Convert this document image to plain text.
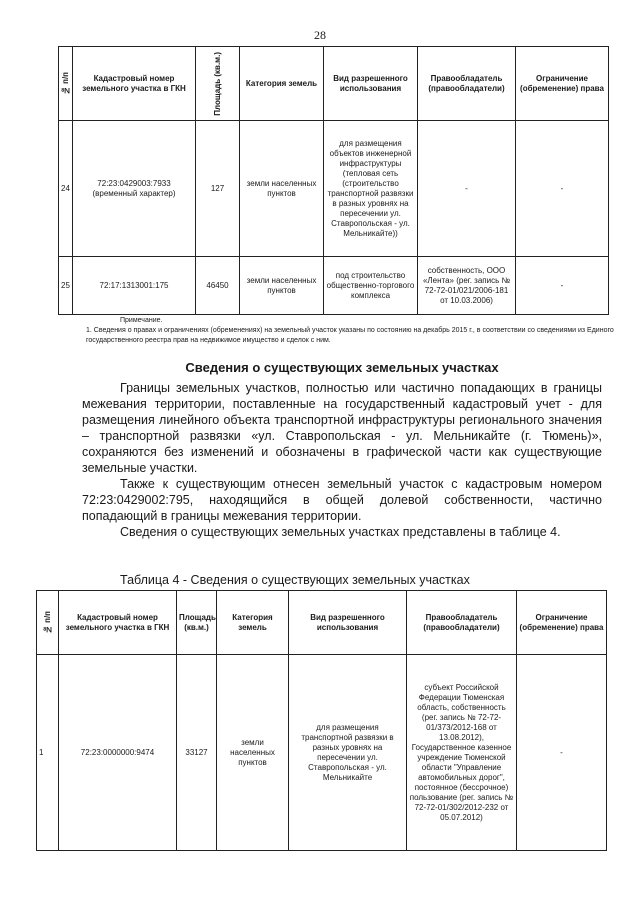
28
№ п/п	Кадастровый номер земельного участка в ГКН	Площадь (кв.м.)	Категория земель	Вид разрешенного использования	Правообладатель (правообладатели)	Ограничение (обременение) права
24	72:23:0429003:7933 (временный характер)	127	земли населенных пунктов	для размещения объектов инженерной инфраструктуры (тепловая сеть (строительство транспортной развязки в разных уровнях на пересечении ул. Ставропольская - ул. Мельникайте))	-	-
25	72:17:1313001:175	46450	земли населенных пунктов	под строительство общественно-торгового комплекса	собственность, ООО «Лента» (рег. запись № 72-72-01/021/2006-181 от 10.03.2006)	-
Примечание.
1. Сведения о правах и ограничениях (обременениях) на земельный участок указаны по состоянию на декабрь 2015 г., в соответствии со сведениями из Единого государственного реестра прав на недвижимое имущество и сделок с ним.
Сведения о существующих земельных участках

Границы земельных участков, полностью или частично попадающих в границы межевания территории, поставленные на государственный кадастровый учет - для размещения линейного объекта транспортной инфраструктуры регионального значения – транспортной развязки «ул. Ставропольская - ул. Мельникайте (г. Тюмень)», сохраняются без изменений и обозначены в графической части как существующие земельные участки.

Также к существующим отнесен земельный участок с кадастровым номером 72:23:0429002:795, находящийся в общей долевой собственности, частично попадающий в границы межевания территории.

Сведения о существующих земельных участках представлены в таблице 4.

Таблица 4 - Сведения о существующих земельных участках
№ п/п	Кадастровый номер земельного участка в ГКН	Площадь (кв.м.)	Категория земель	Вид разрешенного использования	Правообладатель (правообладатели)	Ограничение (обременение) права
1	72:23:0000000:9474	33127	земли населенных пунктов	для размещения транспортной развязки в разных уровнях на пересечении ул. Ставропольская - ул. Мельникайте	субъект Российской Федерации Тюменская область, собственность (рег. запись № 72-72-01/373/2012-168 от 13.08.2012), Государственное казенное учреждение Тюменской области "Управление автомобильных дорог", постоянное (бессрочное) пользование (рег. запись № 72-72-01/302/2012-232 от 05.07.2012)	-
